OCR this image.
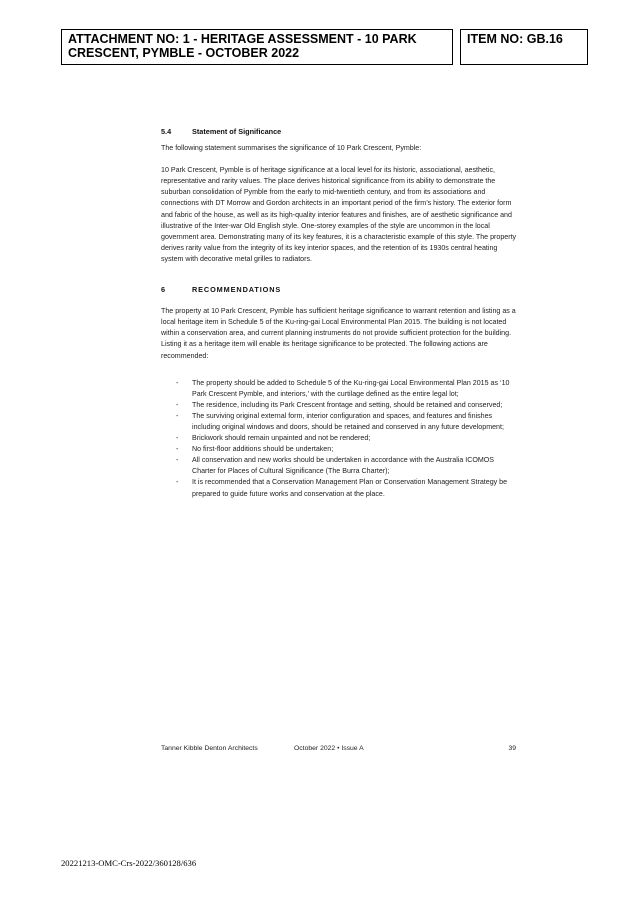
ATTACHMENT NO: 1 - HERITAGE ASSESSMENT - 10 PARK CRESCENT, PYMBLE - OCTOBER 2022

ITEM NO: GB.16

5.4	Statement of Significance

The following statement summarises the significance of 10 Park Crescent, Pymble:

10 Park Crescent, Pymble is of heritage significance at a local level for its historic, associational, aesthetic, representative and rarity values. The place derives historical significance from its ability to demonstrate the suburban consolidation of Pymble from the early to mid-twentieth century, and from its associations and connections with DT Morrow and Gordon architects in an important period of the firm’s history. The exterior form and fabric of the house, as well as its high-quality interior features and finishes, are of aesthetic significance and illustrative of the Inter-war Old English style. One-storey examples of the style are uncommon in the local government area. Demonstrating many of its key features, it is a characteristic example of this style. The property derives rarity value from the integrity of its key interior spaces, and the retention of its 1930s central heating system with decorative metal grilles to radiators.

6	RECOMMENDATIONS

The property at 10 Park Crescent, Pymble has sufficient heritage significance to warrant retention and listing as a local heritage item in Schedule 5 of the Ku-ring-gai Local Environmental Plan 2015. The building is not located within a conservation area, and current planning instruments do not provide sufficient protection for the building. Listing it as a heritage item will enable its heritage significance to be protected. The following actions are recommended:

-	The property should be added to Schedule 5 of the Ku-ring-gai Local Environmental Plan 2015 as ‘10 Park Crescent Pymble, and interiors,’ with the curtilage defined as the entire legal lot;
-	The residence, including its Park Crescent frontage and setting, should be retained and conserved;
-	The surviving original external form, interior configuration and spaces, and features and finishes including original windows and doors, should be retained and conserved in any future development;
-	Brickwork should remain unpainted and not be rendered;
-	No first-floor additions should be undertaken;
-	All conservation and new works should be undertaken in accordance with the Australia ICOMOS Charter for Places of Cultural Significance (The Burra Charter);
-	It is recommended that a Conservation Management Plan or Conservation Management Strategy be prepared to guide future works and conservation at the place.
Tanner Kibble Denton Architects	October 2022 • Issue A	39
20221213-OMC-Crs-2022/360128/636
